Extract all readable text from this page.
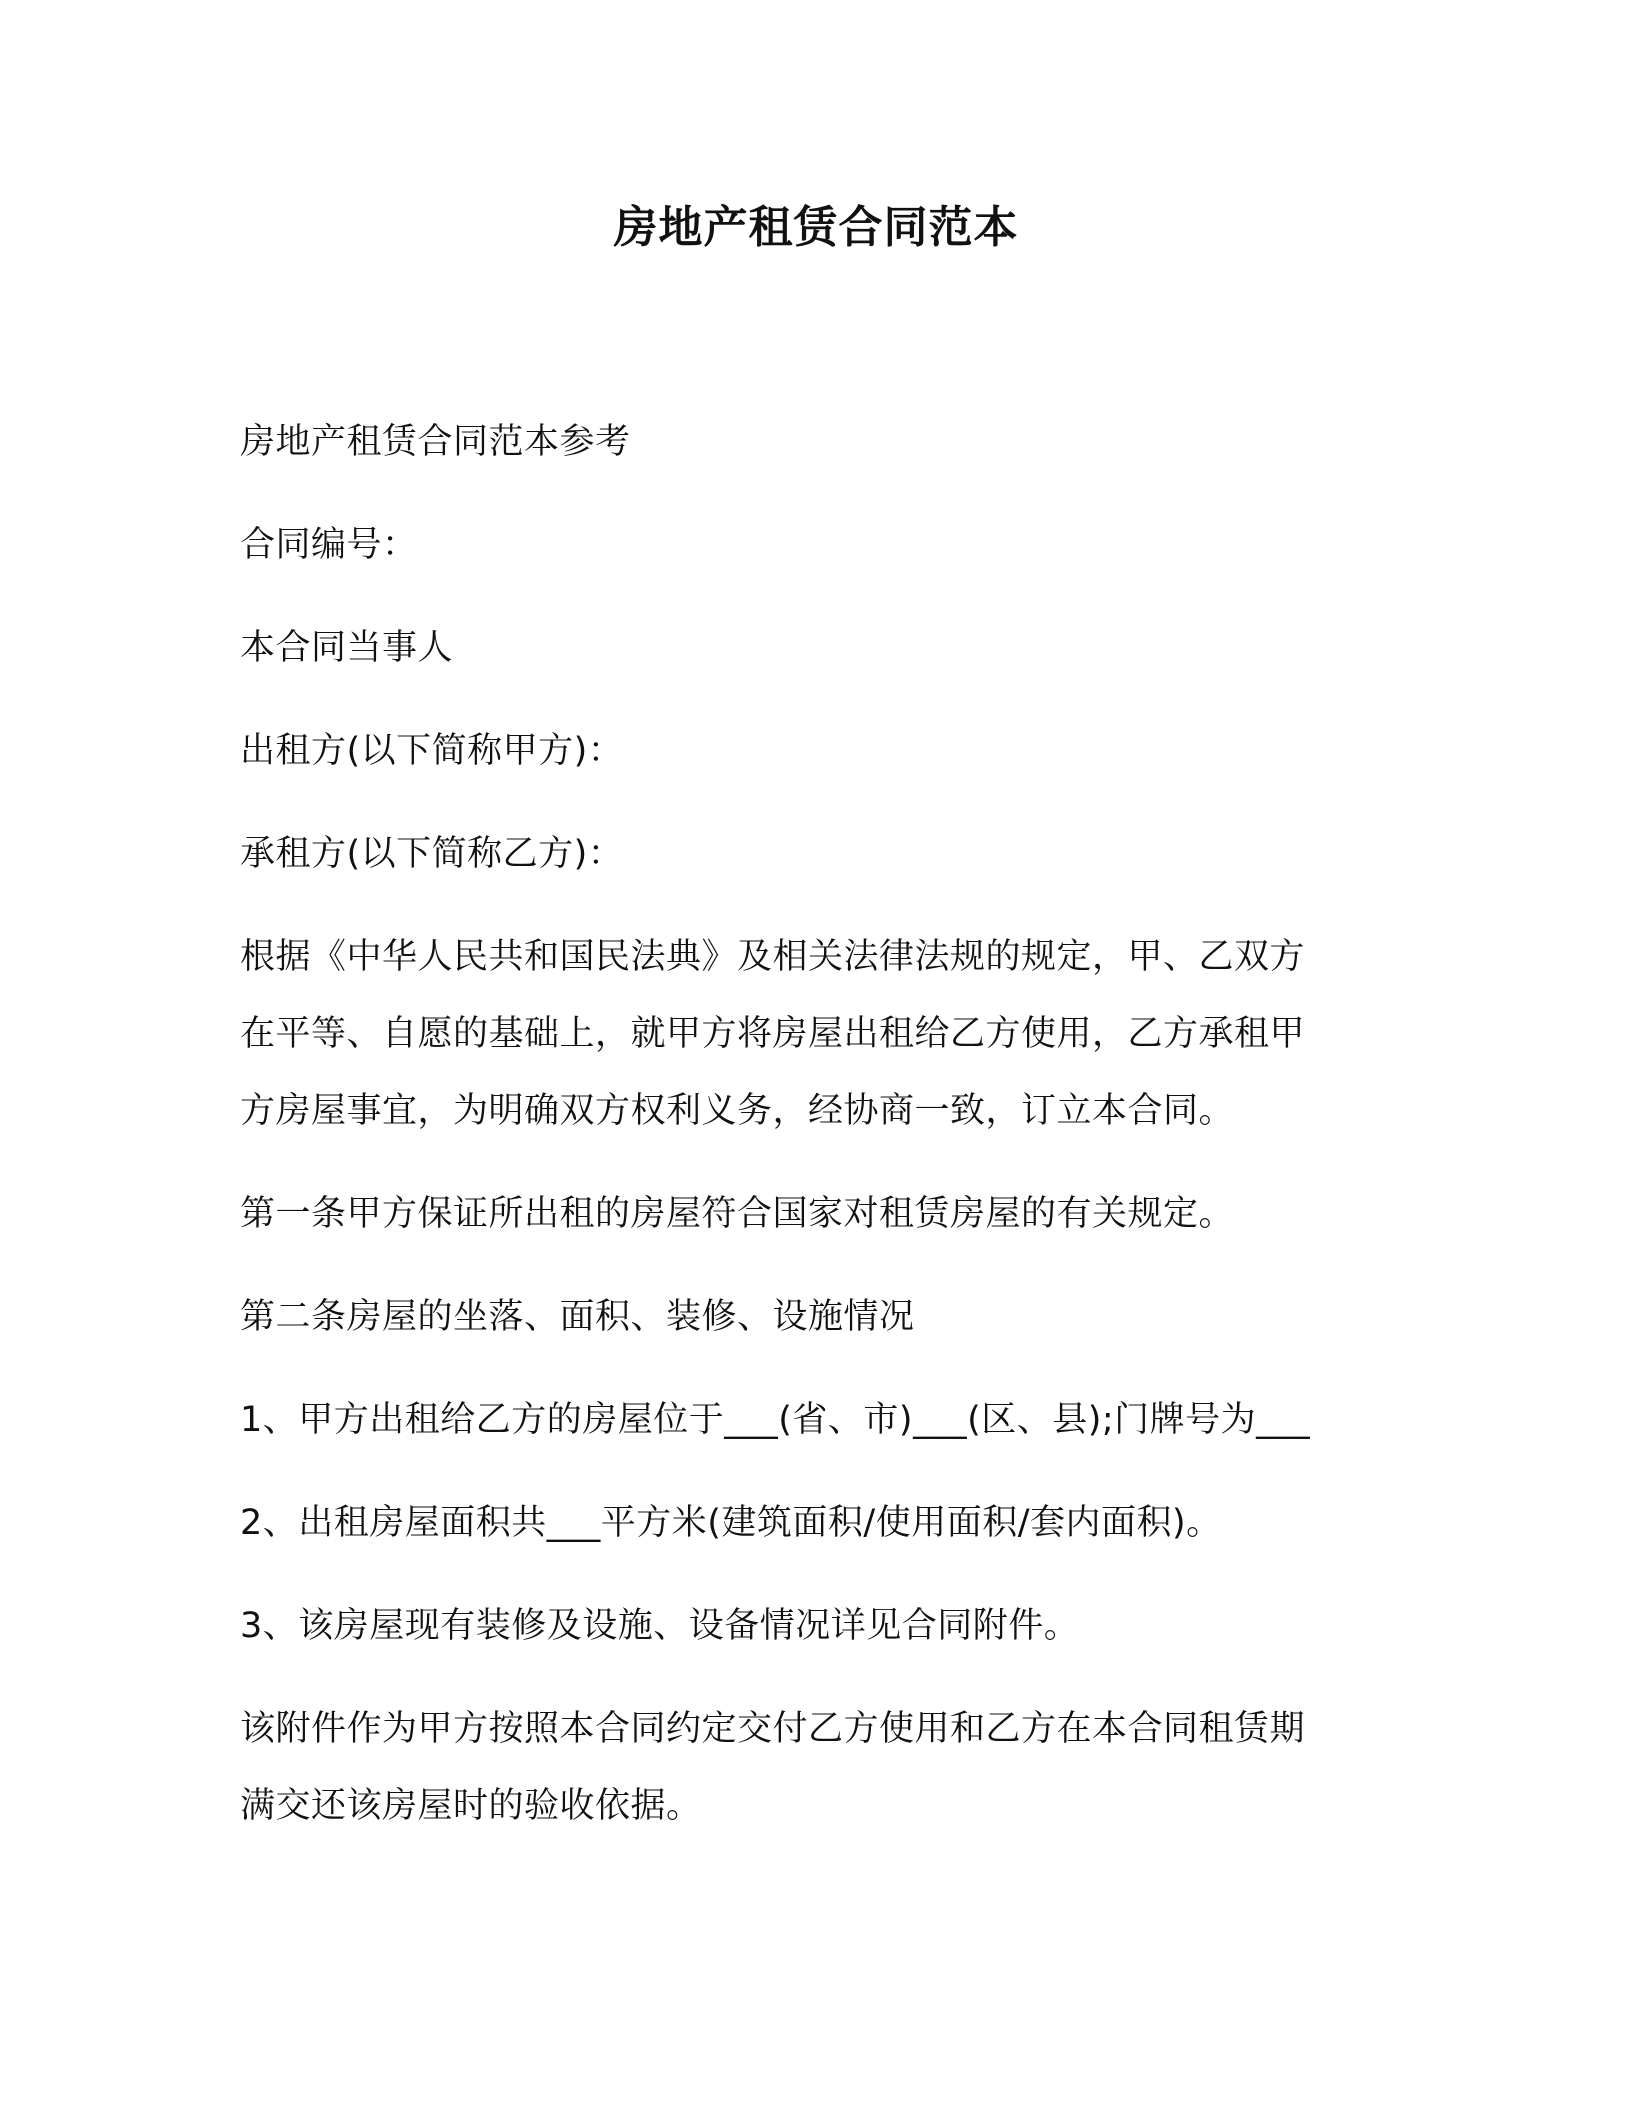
房地产租赁合同范本
房地产租赁合同范本参考
合同编号：
本合同当事人
出租方(以下简称甲方)：
承租方(以下简称乙方)：
根据《中华人民共和国民法典》及相关法律法规的规定，甲、乙双方
在平等、自愿的基础上，就甲方将房屋出租给乙方使用，乙方承租甲
方房屋事宜，为明确双方权利义务，经协商一致，订立本合同。
第一条甲方保证所出租的房屋符合国家对租赁房屋的有关规定。
第二条房屋的坐落、面积、装修、设施情况
1、甲方出租给乙方的房屋位于___(省、市)___(区、县);门牌号为___
2、出租房屋面积共___平方米(建筑面积/使用面积/套内面积)。
3、该房屋现有装修及设施、设备情况详见合同附件。
该附件作为甲方按照本合同约定交付乙方使用和乙方在本合同租赁期
满交还该房屋时的验收依据。
